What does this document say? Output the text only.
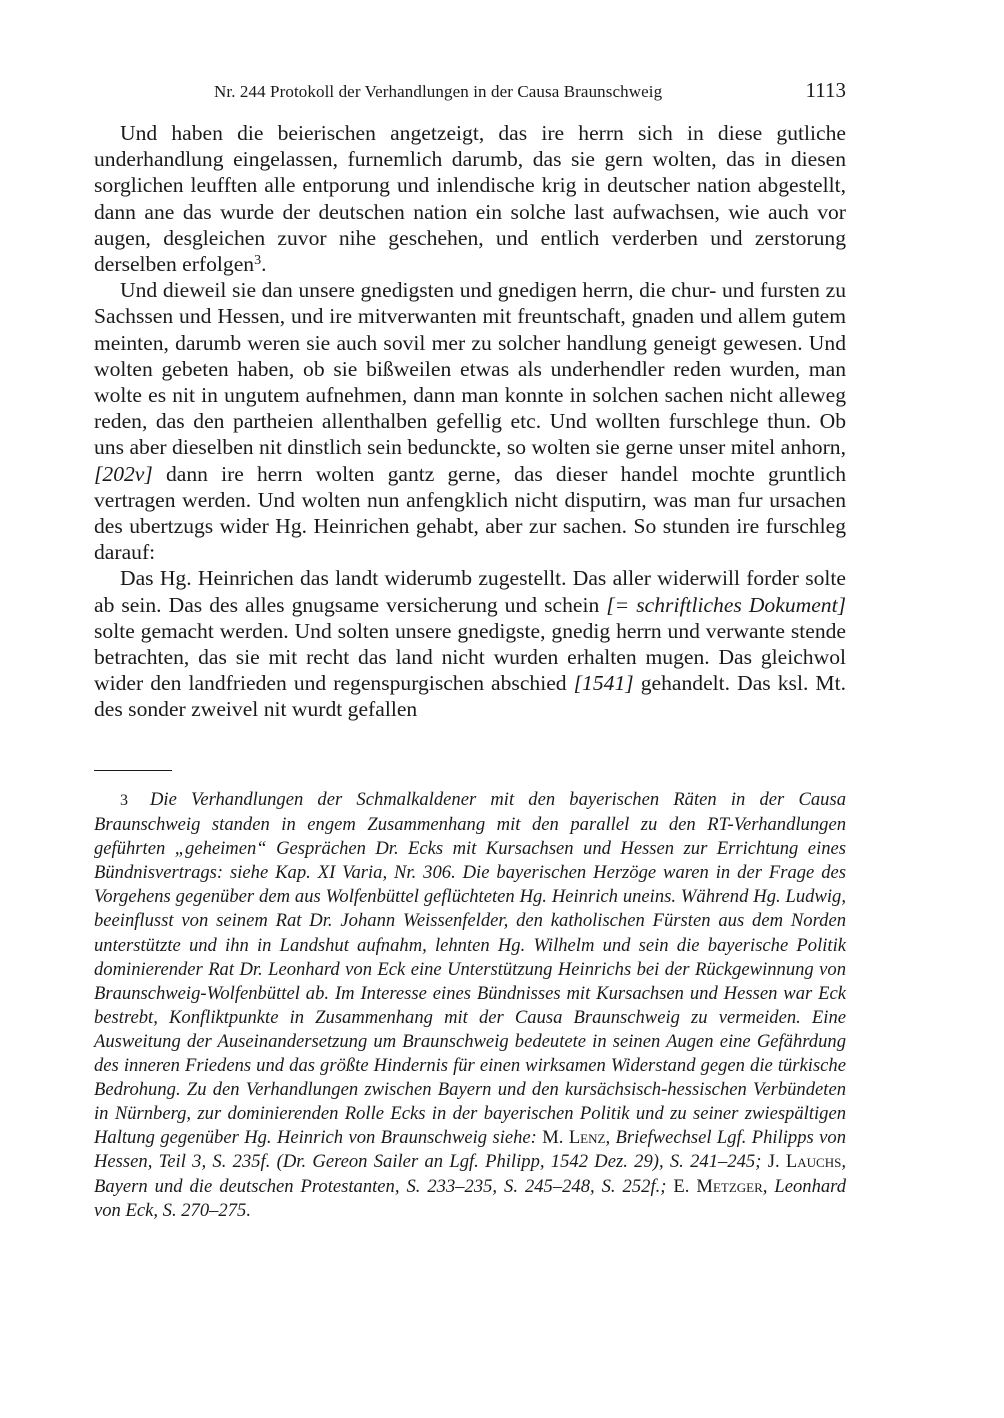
Nr. 244 Protokoll der Verhandlungen in der Causa Braunschweig	1113

Und haben die beierischen angetzeigt, das ire herrn sich in diese gutliche underhandlung eingelassen, furnemlich darumb, das sie gern wolten, das in diesen sorglichen leufften alle entporung und inlendische krig in deutscher nation abgestellt, dann ane das wurde der deutschen nation ein solche last aufwachsen, wie auch vor augen, desgleichen zuvor nihe geschehen, und entlich verderben und zerstorung derselben erfolgen$^3$.

Und dieweil sie dan unsere gnedigsten und gnedigen herrn, die chur- und fursten zu Sachssen und Hessen, und ire mitverwanten mit freuntschaft, gnaden und allem gutem meinten, darumb weren sie auch sovil mer zu solcher handlung geneigt gewesen. Und wolten gebeten haben, ob sie bißweilen etwas als underhendler reden wurden, man wolte es nit in ungutem aufnehmen, dann man konnte in solchen sachen nicht alleweg reden, das den partheien allenthalben gefellig etc. Und wollten furschlege thun. Ob uns aber dieselben nit dinstlich sein bedunckte, so wolten sie gerne unser mitel anhorn, [202v] dann ire herrn wolten gantz gerne, das dieser handel mochte gruntlich vertragen werden. Und wolten nun anfengklich nicht disputirn, was man fur ursachen des ubertzugs wider Hg. Heinrichen gehabt, aber zur sachen. So stunden ire furschleg darauf:

Das Hg. Heinrichen das landt widerumb zugestellt. Das aller widerwill forder solte ab sein. Das des alles gnugsame versicherung und schein [= schriftliches Dokument] solte gemacht werden. Und solten unsere gnedigste, gnedig herrn und verwante stende betrachten, das sie mit recht das land nicht wurden erhalten mugen. Das gleichwol wider den landfrieden und regenspurgischen abschied [1541] gehandelt. Das ksl. Mt. des sonder zweivel nit wurdt gefallen

3 Die Verhandlungen der Schmalkaldener mit den bayerischen Räten in der Causa Braunschweig standen in engem Zusammenhang mit den parallel zu den RT-Verhandlungen geführten „geheimen“ Gesprächen Dr. Ecks mit Kursachsen und Hessen zur Errichtung eines Bündnisvertrags: siehe Kap. XI Varia, Nr. 306. Die bayerischen Herzöge waren in der Frage des Vorgehens gegenüber dem aus Wolfenbüttel geflüchteten Hg. Heinrich uneins. Während Hg. Ludwig, beeinflusst von seinem Rat Dr. Johann Weissenfelder, den katholischen Fürsten aus dem Norden unterstützte und ihn in Landshut aufnahm, lehnten Hg. Wilhelm und sein die bayerische Politik dominierender Rat Dr. Leonhard von Eck eine Unterstützung Heinrichs bei der Rückgewinnung von Braunschweig-Wolfenbüttel ab. Im Interesse eines Bündnisses mit Kursachsen und Hessen war Eck bestrebt, Konfliktpunkte in Zusammenhang mit der Causa Braunschweig zu vermeiden. Eine Ausweitung der Auseinandersetzung um Braunschweig bedeutete in seinen Augen eine Gefährdung des inneren Friedens und das größte Hindernis für einen wirksamen Widerstand gegen die türkische Bedrohung. Zu den Verhandlungen zwischen Bayern und den kursächsisch-hessischen Verbündeten in Nürnberg, zur dominierenden Rolle Ecks in der bayerischen Politik und zu seiner zwiespältigen Haltung gegenüber Hg. Heinrich von Braunschweig siehe: M. Lenz, Briefwechsel Lgf. Philipps von Hessen, Teil 3, S. 235f. (Dr. Gereon Sailer an Lgf. Philipp, 1542 Dez. 29), S. 241–245; J. Lauchs, Bayern und die deutschen Protestanten, S. 233–235, S. 245–248, S. 252f.; E. Metzger, Leonhard von Eck, S. 270–275.
